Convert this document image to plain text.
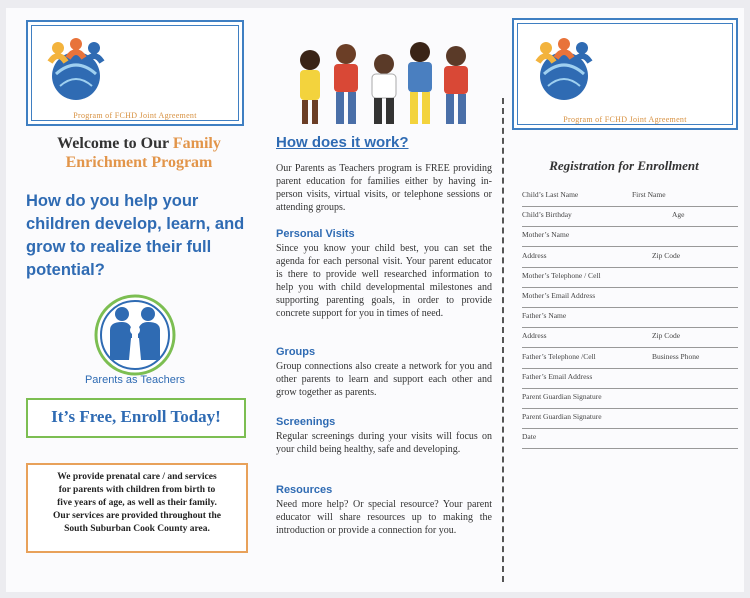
Program of FCHD Joint Agreement
Welcome to Our Family
Enrichment Program
How do you help your children develop, learn, and grow to realize their full potential?
Parents as Teachers
It’s Free, Enroll Today!
We provide prenatal care / and services
for parents with children from birth to
five years of age, as well as their family.
Our services are provided throughout the
South Suburban Cook County area.
How does it work?
Our Parents as Teachers program is FREE providing parent education for families either by having in-person visits, virtual visits, or telephone sessions or attending groups.
Personal Visits
Since you know your child best, you can set the agenda for each personal visit. Your parent educator is there to provide well researched information to help you with child developmental milestones and supporting parenting goals, in order to provide concrete support for you in times of need.
Groups
Group connections also create a network for you and other parents to learn and support each other and grow together as parents.
Screenings
Regular screenings during your visits will focus on your child being healthy, safe and developing.
Resources
Need more help? Or special resource? Your parent educator will share resources up to making the introduction or provide a connection for you.
Program of FCHD Joint Agreement
Registration for Enrollment
Child’s Last Name	First Name
Child’s Birthday	Age
Mother’s Name
Address	Zip Code
Mother’s Telephone / Cell
Mother’s Email Address
Father’s Name
Address	Zip Code
Father’s Telephone /Cell	Business Phone
Father’s Email Address
Parent Guardian Signature
Parent Guardian Signature
Date
